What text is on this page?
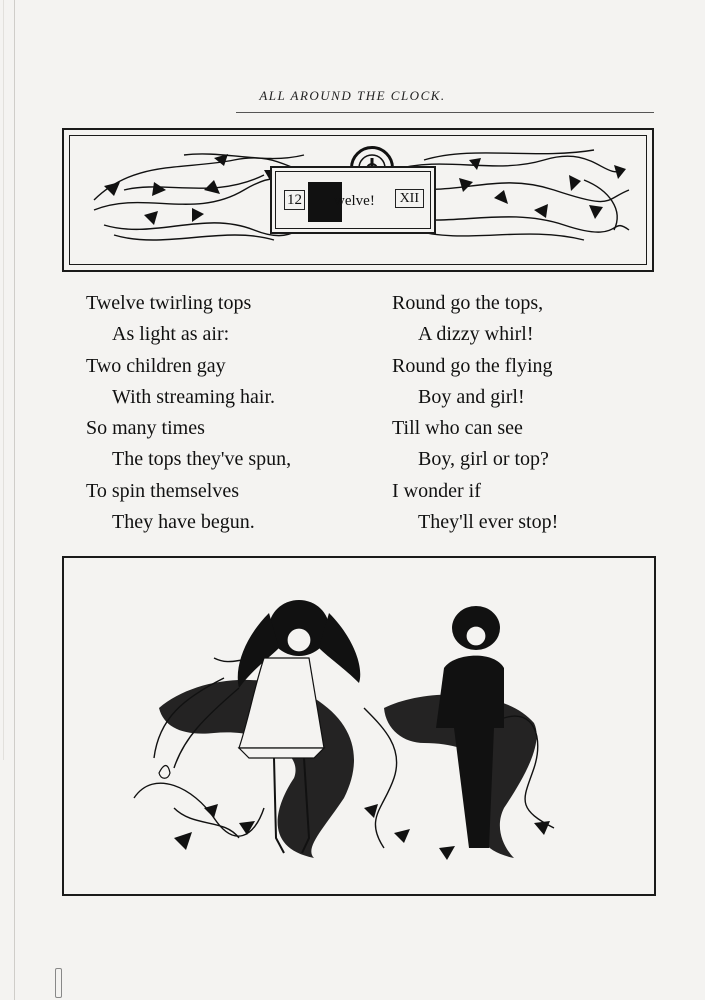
ALL AROUND THE CLOCK.
12 welve!	XII
Twelve twirling tops
As light as air:
Two children gay
With streaming hair.
So many times
The tops they've spun,
To spin themselves
They have begun.
Round go the tops,
A dizzy whirl!
Round go the flying
Boy and girl!
Till who can see
Boy, girl or top?
I wonder if
They'll ever stop!
